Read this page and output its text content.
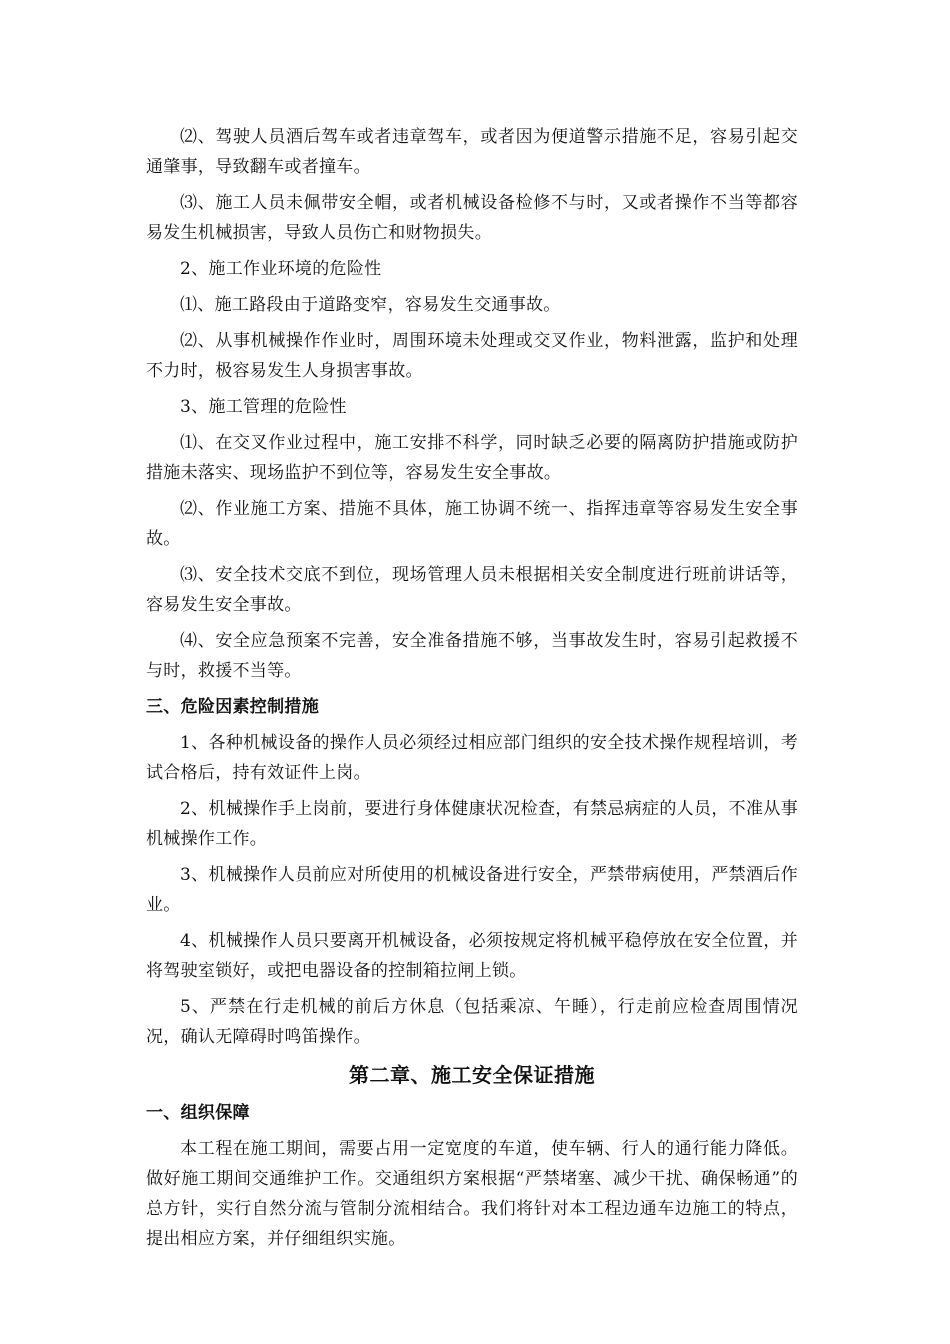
⑵、驾驶人员酒后驾车或者违章驾车，或者因为便道警示措施不足，容易引起交通肇事，导致翻车或者撞车。

⑶、施工人员未佩带安全帽，或者机械设备检修不与时，又或者操作不当等都容易发生机械损害，导致人员伤亡和财物损失。

2、施工作业环境的危险性

⑴、施工路段由于道路变窄，容易发生交通事故。

⑵、从事机械操作作业时，周围环境未处理或交叉作业，物料泄露，监护和处理不力时，极容易发生人身损害事故。

3、施工管理的危险性

⑴、在交叉作业过程中，施工安排不科学，同时缺乏必要的隔离防护措施或防护措施未落实、现场监护不到位等，容易发生安全事故。

⑵、作业施工方案、措施不具体，施工协调不统一、指挥违章等容易发生安全事故。

⑶、安全技术交底不到位，现场管理人员未根据相关安全制度进行班前讲话等，容易发生安全事故。

⑷、安全应急预案不完善，安全准备措施不够，当事故发生时，容易引起救援不与时，救援不当等。

三、危险因素控制措施

1、各种机械设备的操作人员必须经过相应部门组织的安全技术操作规程培训，考试合格后，持有效证件上岗。

2、机械操作手上岗前，要进行身体健康状况检查，有禁忌病症的人员，不准从事机械操作工作。

3、机械操作人员前应对所使用的机械设备进行安全，严禁带病使用，严禁酒后作业。

4、机械操作人员只要离开机械设备，必须按规定将机械平稳停放在安全位置，并将驾驶室锁好，或把电器设备的控制箱拉闸上锁。

5、严禁在行走机械的前后方休息（包括乘凉、午睡），行走前应检查周围情况况，确认无障碍时鸣笛操作。

第二章、施工安全保证措施

一、组织保障

本工程在施工期间，需要占用一定宽度的车道，使车辆、行人的通行能力降低。做好施工期间交通维护工作。交通组织方案根据“严禁堵塞、减少干扰、确保畅通”的总方针，实行自然分流与管制分流相结合。我们将针对本工程边通车边施工的特点，提出相应方案，并仔细组织实施。
